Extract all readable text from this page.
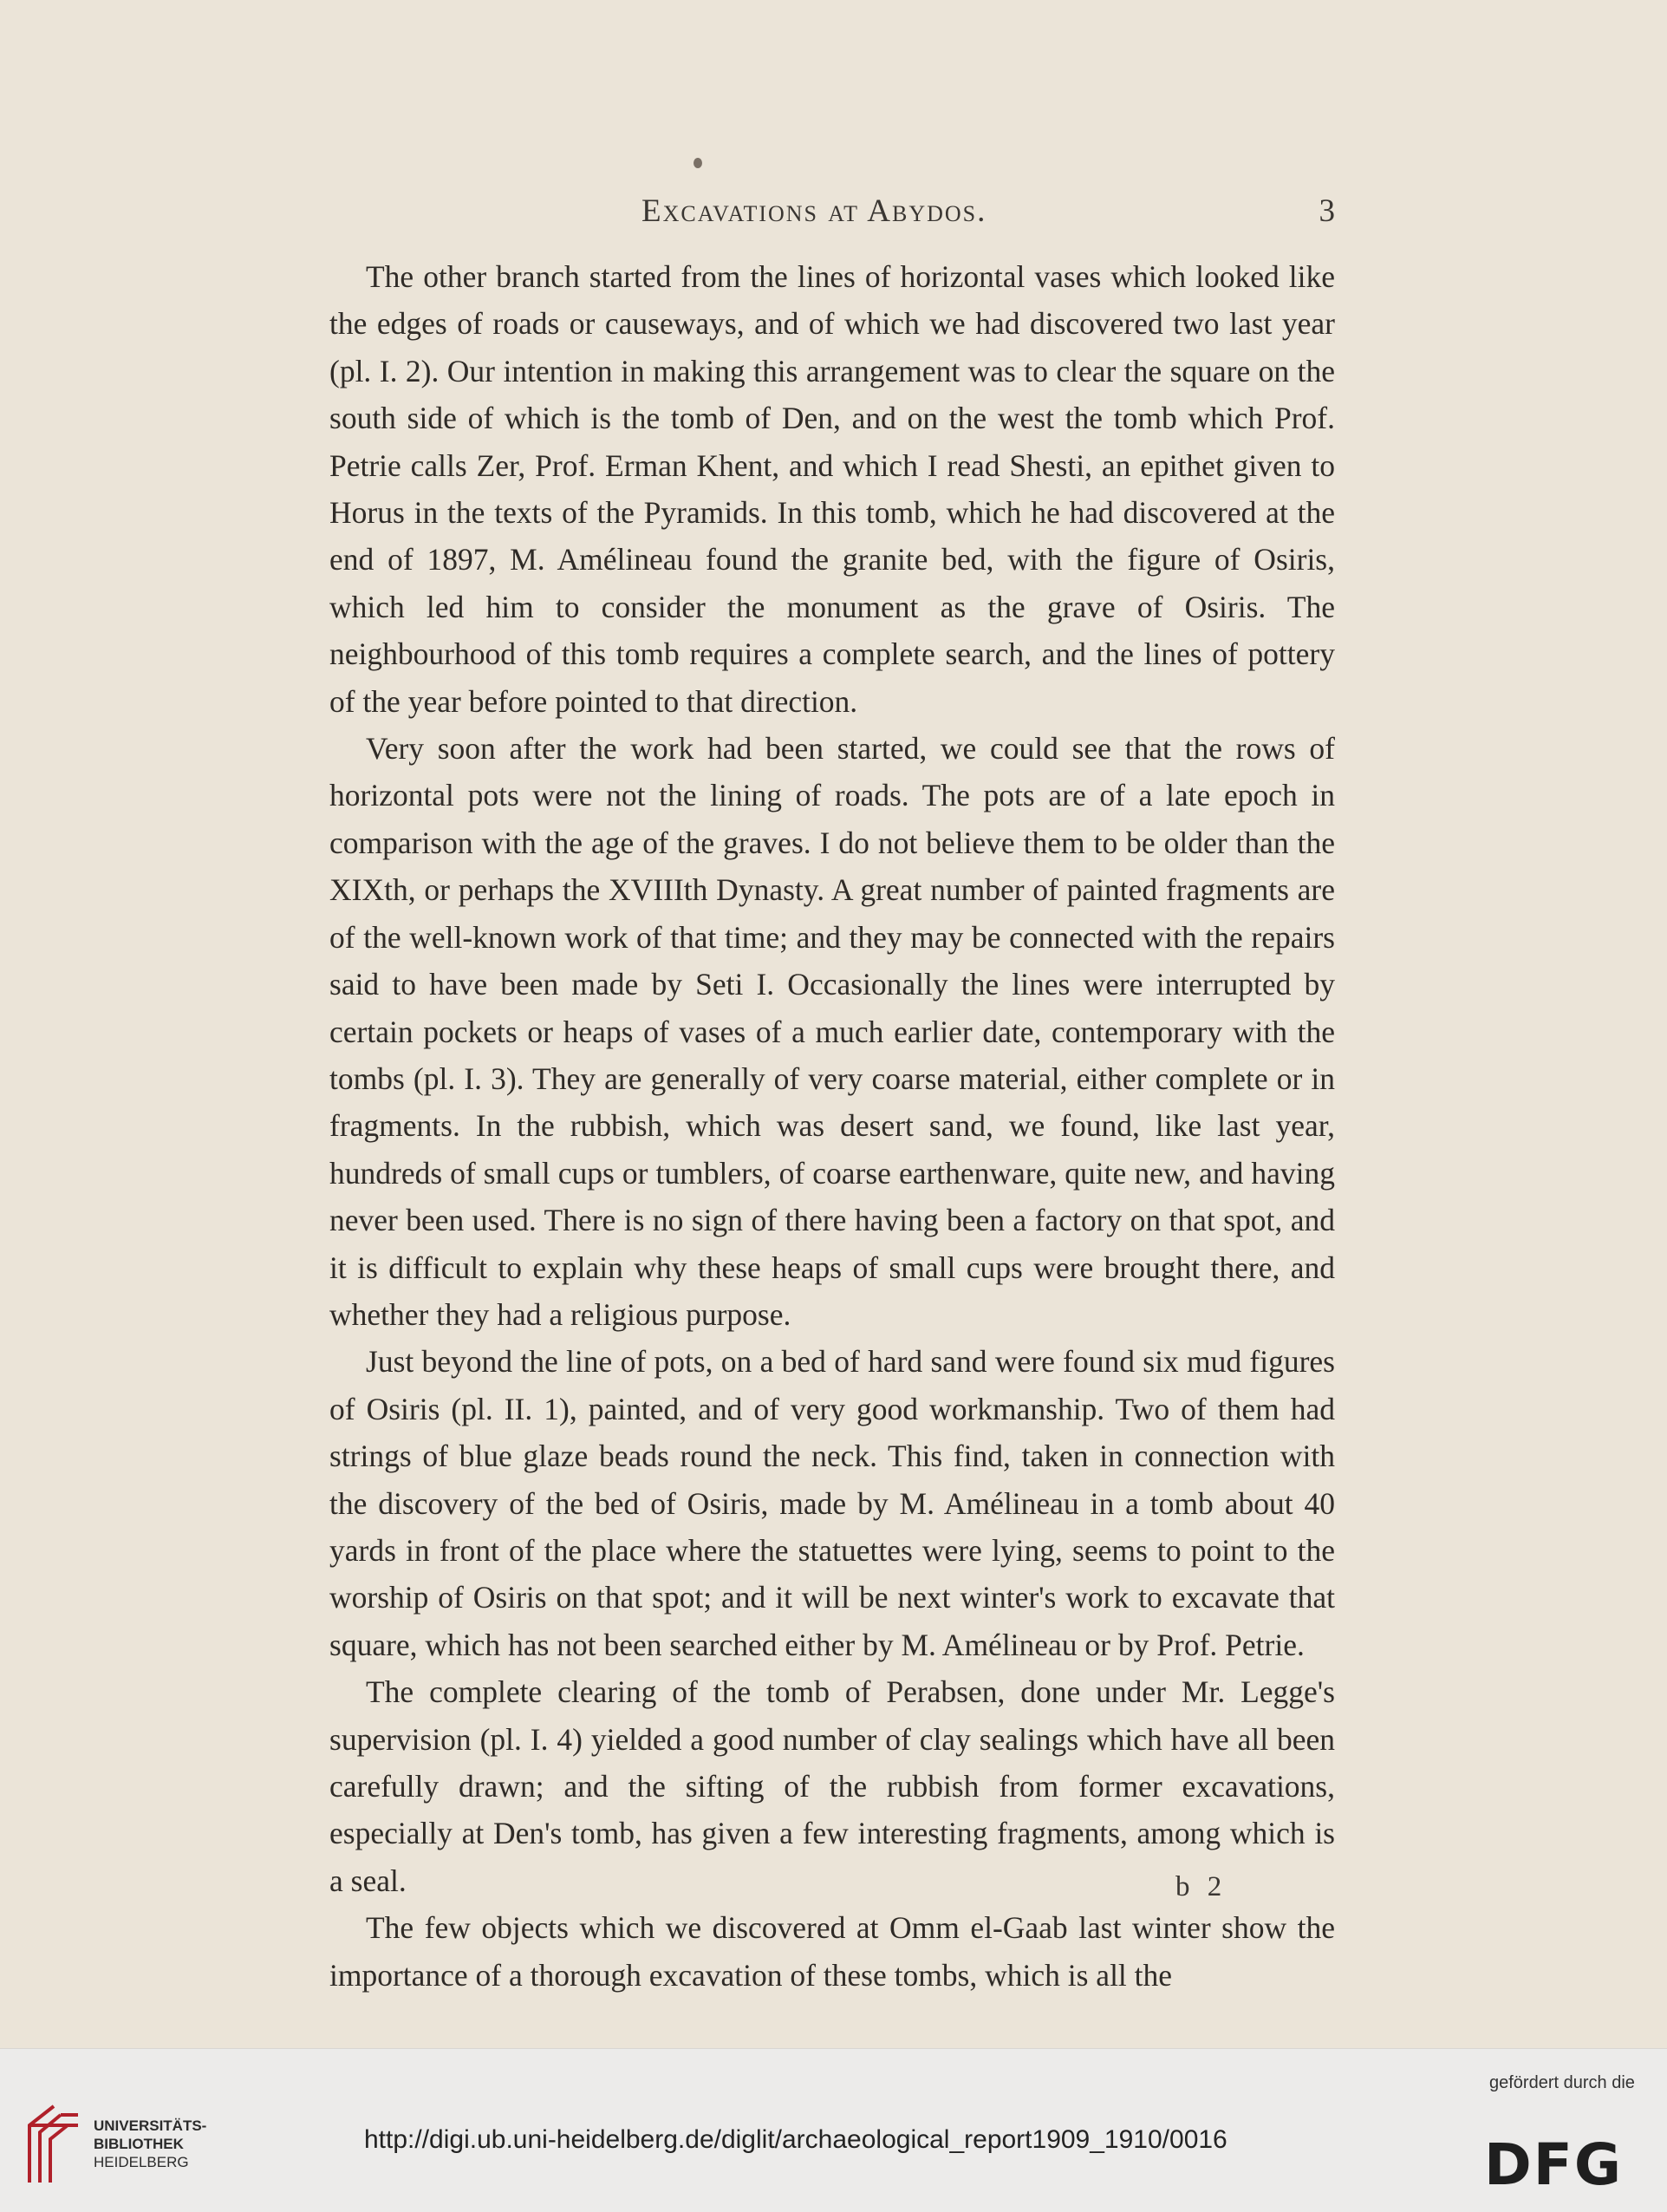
Excavations at Abydos.	3

The other branch started from the lines of horizontal vases which looked like the edges of roads or causeways, and of which we had discovered two last year (pl. I. 2). Our intention in making this arrangement was to clear the square on the south side of which is the tomb of Den, and on the west the tomb which Prof. Petrie calls Zer, Prof. Erman Khent, and which I read Shesti, an epithet given to Horus in the texts of the Pyramids. In this tomb, which he had discovered at the end of 1897, M. Amélineau found the granite bed, with the figure of Osiris, which led him to consider the monument as the grave of Osiris. The neighbourhood of this tomb requires a complete search, and the lines of pottery of the year before pointed to that direction.

Very soon after the work had been started, we could see that the rows of horizontal pots were not the lining of roads. The pots are of a late epoch in comparison with the age of the graves. I do not believe them to be older than the XIXth, or perhaps the XVIIIth Dynasty. A great number of painted fragments are of the well-known work of that time; and they may be connected with the repairs said to have been made by Seti I. Occasionally the lines were interrupted by certain pockets or heaps of vases of a much earlier date, contemporary with the tombs (pl. I. 3). They are generally of very coarse material, either complete or in fragments. In the rubbish, which was desert sand, we found, like last year, hundreds of small cups or tumblers, of coarse earthenware, quite new, and having never been used. There is no sign of there having been a factory on that spot, and it is difficult to explain why these heaps of small cups were brought there, and whether they had a religious purpose.

Just beyond the line of pots, on a bed of hard sand were found six mud figures of Osiris (pl. II. 1), painted, and of very good workmanship. Two of them had strings of blue glaze beads round the neck. This find, taken in connection with the discovery of the bed of Osiris, made by M. Amélineau in a tomb about 40 yards in front of the place where the statuettes were lying, seems to point to the worship of Osiris on that spot; and it will be next winter's work to excavate that square, which has not been searched either by M. Amélineau or by Prof. Petrie.

The complete clearing of the tomb of Perabsen, done under Mr. Legge's supervision (pl. I. 4) yielded a good number of clay sealings which have all been carefully drawn; and the sifting of the rubbish from former excavations, especially at Den's tomb, has given a few interesting fragments, among which is a seal.

The few objects which we discovered at Omm el-Gaab last winter show the importance of a thorough excavation of these tombs, which is all the

b 2
UNIVERSITÄTS-
BIBLIOTHEK
HEIDELBERG
http://digi.ub.uni-heidelberg.de/diglit/archaeological_report1909_1910/0016
gefördert durch die
DFG
